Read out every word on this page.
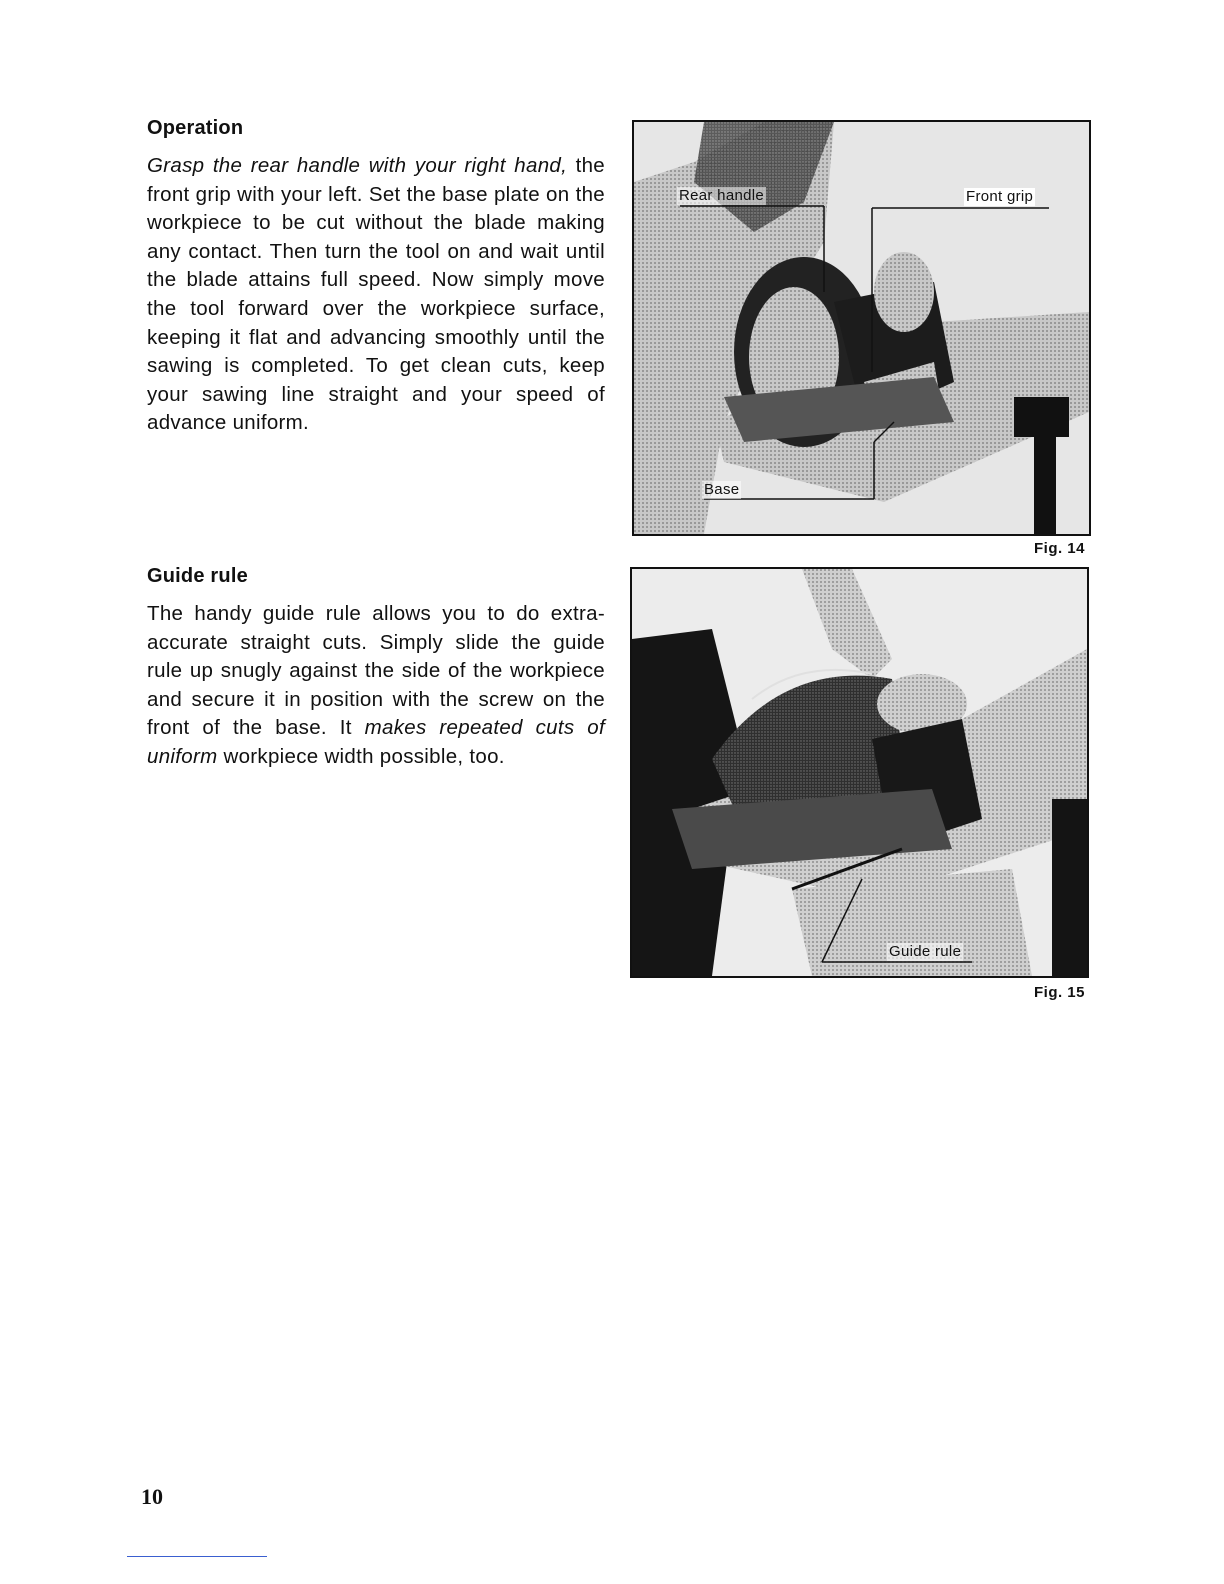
Operation

Grasp the rear handle with your right hand, the front grip with your left. Set the base plate on the workpiece to be cut without the blade making any contact. Then turn the tool on and wait until the blade attains full speed. Now simply move the tool forward over the workpiece surface, keeping it flat and advancing smoothly until the sawing is completed. To get clean cuts, keep your sawing line straight and your speed of advance uniform.

Guide rule

The handy guide rule allows you to do extra-accurate straight cuts. Simply slide the guide rule up snugly against the side of the workpiece and secure it in position with the screw on the front of the base. It makes repeated cuts of uniform workpiece width possible, too.

Rear handle	Front grip
Base
Fig. 14
Guide rule
Fig. 15
10
